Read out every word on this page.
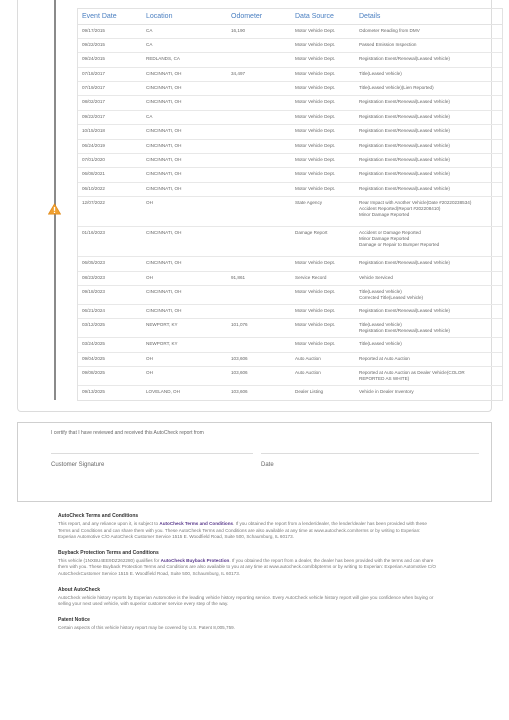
Event Date	Location	Odometer	Data Source	Details
09/17/2015	CA	16,190	Motor Vehicle Dept.	Odometer Reading from DMV

09/22/2015	CA		Motor Vehicle Dept.	Passed Emission Inspection

09/24/2015	REDLANDS, CA		Motor Vehicle Dept.	Registration Event/Renewal(Leased Vehicle)

07/18/2017	CINCINNATI, OH	34,497	Motor Vehicle Dept.	Title(Leased Vehicle)

07/19/2017	CINCINNATI, OH		Motor Vehicle Dept.	Title(Leased Vehicle)(Lien Reported)

08/02/2017	CINCINNATI, OH		Motor Vehicle Dept.	Registration Event/Renewal(Leased Vehicle)

09/22/2017	CA		Motor Vehicle Dept.	Registration Event/Renewal(Leased Vehicle)

10/15/2018	CINCINNATI, OH		Motor Vehicle Dept.	Registration Event/Renewal(Leased Vehicle)

06/24/2019	CINCINNATI, OH		Motor Vehicle Dept.	Registration Event/Renewal(Leased Vehicle)

07/01/2020	CINCINNATI, OH		Motor Vehicle Dept.	Registration Event/Renewal(Leased Vehicle)

06/08/2021	CINCINNATI, OH		Motor Vehicle Dept.	Registration Event/Renewal(Leased Vehicle)

06/10/2022	CINCINNATI, OH		Motor Vehicle Dept.	Registration Event/Renewal(Leased Vehicle)

12/07/2022	OH		State Agency	Rear Impact with Another Vehicle(Date #20220238534)
Accident Reported(Report #202208410)
Minor Damage Reported

01/16/2023	CINCINNATI, OH		Damage Report	Accident or Damage Reported
Minor Damage Reported
Damage or Repair to Bumper Reported

06/05/2023	CINCINNATI, OH		Motor Vehicle Dept.	Registration Event/Renewal(Leased Vehicle)

08/23/2023	OH	91,861	Service Record	Vehicle Serviced

09/18/2023	CINCINNATI, OH		Motor Vehicle Dept.	Title(Leased Vehicle)
Corrected Title(Leased Vehicle)

06/21/2024	CINCINNATI, OH		Motor Vehicle Dept.	Registration Event/Renewal(Leased Vehicle)

03/12/2025	NEWPORT, KY	101,076	Motor Vehicle Dept.	Title(Leased Vehicle)
Registration Event/Renewal(Leased Vehicle)

03/24/2025	NEWPORT, KY		Motor Vehicle Dept.	Title(Leased Vehicle)

09/04/2025	OH	103,606	Auto Auction	Reported at Auto Auction

09/08/2025	OH	103,606	Auto Auction	Reported at Auto Auction as Dealer Vehicle(COLOR
REPORTED AS WHITE)

09/13/2025	LOVELAND, OH	103,606	Dealer Listing	Vehicle in Dealer Inventory
I certify that I have reviewed and received this AutoCheck report from
Customer Signature	Date
AutoCheck Terms and Conditions

This report, and any reliance upon it, is subject to AutoCheck Terms and Conditions. If you obtained the report from a lender/dealer, the lender/dealer has been provided with these Terms and Conditions and can share them with you. These AutoCheck Terms and Conditions are also available at any time at www.autocheck.com/terms or by writing to Experian: Experian Automotive C/O AutoCheck Customer Service 1515 E. Woodfield Road, Suite 500, Schaumburg, IL 60173.

Buyback Protection Terms and Conditions

This vehicle (1NXBU4EE9DZ262280) qualifies for AutoCheck Buyback Protection. If you obtained the report from a dealer, the dealer has been provided with the terms and can share them with you. These Buyback Protection Terms and Conditions are also available to you at any time at www.autocheck.com/bbpterms or by writing to Experian: Experian Automotive C/O AutoCheckCustomer Service 1515 E. Woodfield Road, Suite 500, Schaumburg, IL 60173.

About AutoCheck

AutoCheck vehicle history reports by Experian Automotive is the leading vehicle history reporting service. Every AutoCheck vehicle history report will give you confidence when buying or selling your next used vehicle, with superior customer service every step of the way.

Patent Notice

Certain aspects of this vehicle history report may be covered by U.S. Patent 8,005,759.
